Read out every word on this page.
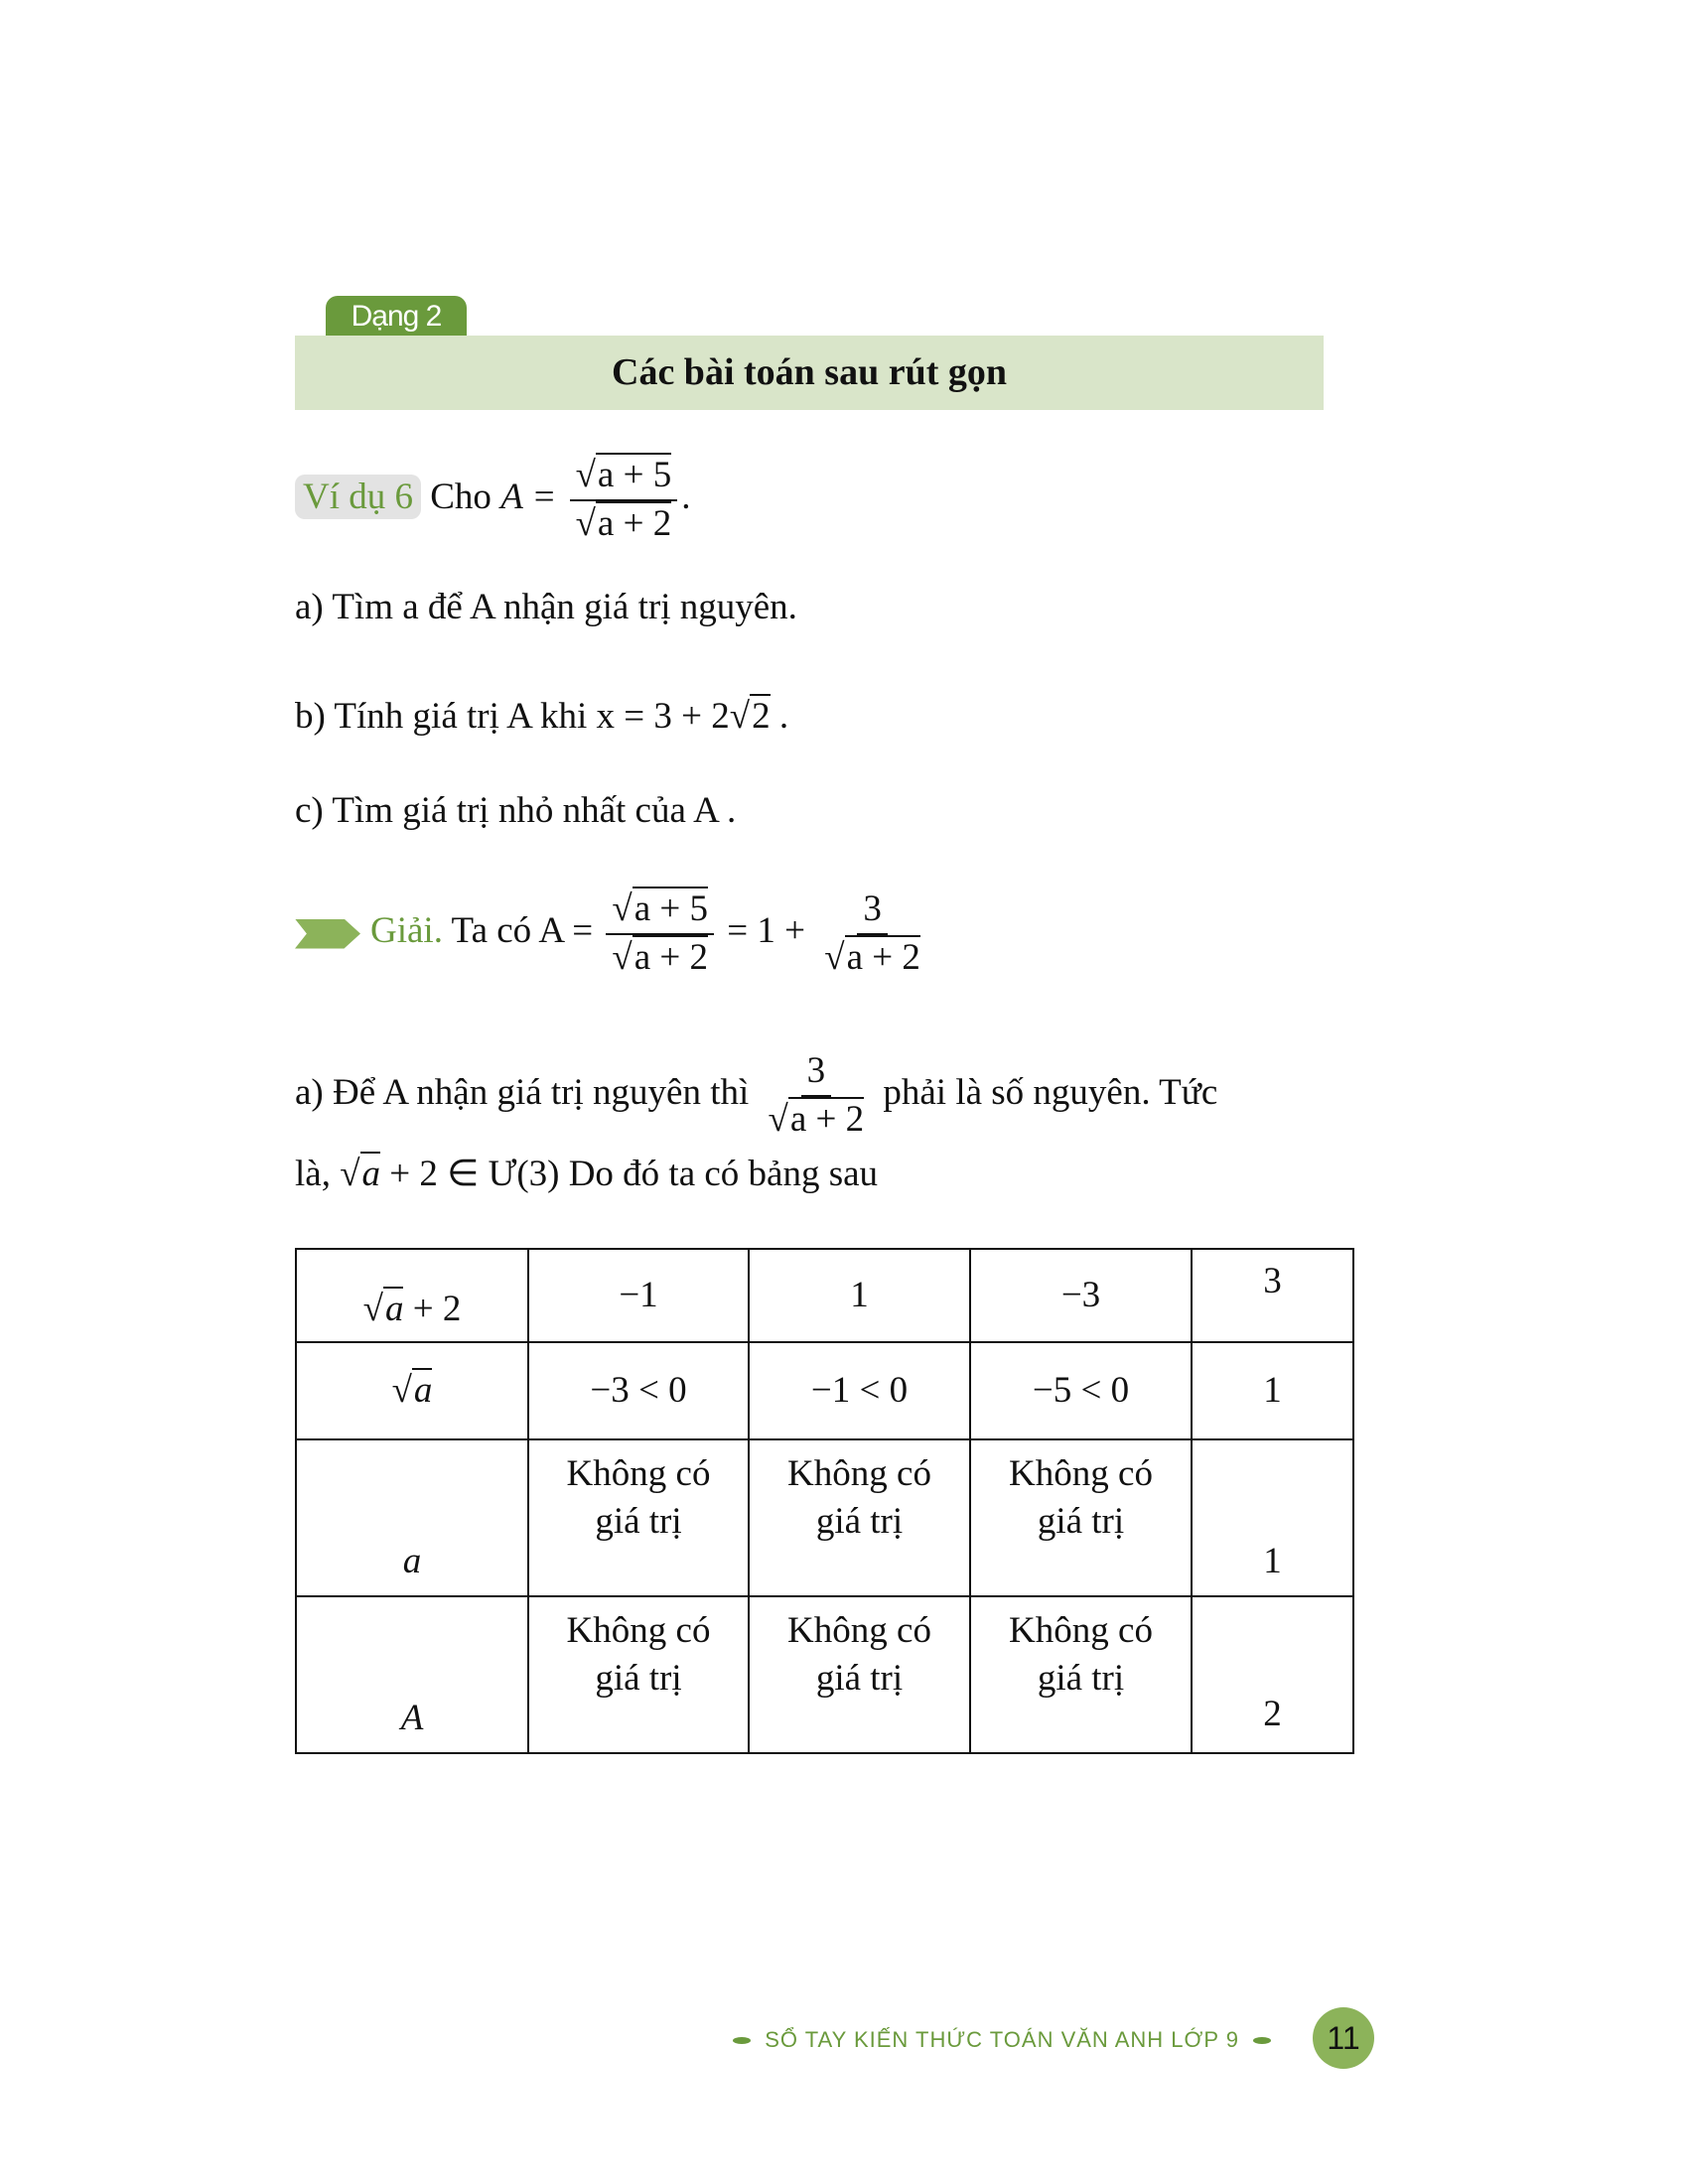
Dạng 2
Các bài toán sau rút gọn
Ví dụ 6 Cho $A = \frac{√a + 5}{√a + 2}$ .
a) Tìm a để A nhận giá trị nguyên.
b) Tính giá trị A khi x = 3 + 2√2 .
c) Tìm giá trị nhỏ nhất của A .
Giải. Ta có $A = \frac{√a + 5}{√a + 2} = 1 + \frac{3}{√a + 2}$
a) Để A nhận giá trị nguyên thì $\frac{3}{√a + 2}$ phải là số nguyên. Tức
là, √a + 2 ∈ Ư(3) Do đó ta có bảng sau
√a + 2	−1	1	−3	3
√a	−3 < 0	−1 < 0	−5 < 0	1
a	Không có giá trị	Không có giá trị	Không có giá trị	1
A	Không có giá trị	Không có giá trị	Không có giá trị	2
SỔ TAY KIẾN THỨC TOÁN VĂN ANH LỚP 9	11
